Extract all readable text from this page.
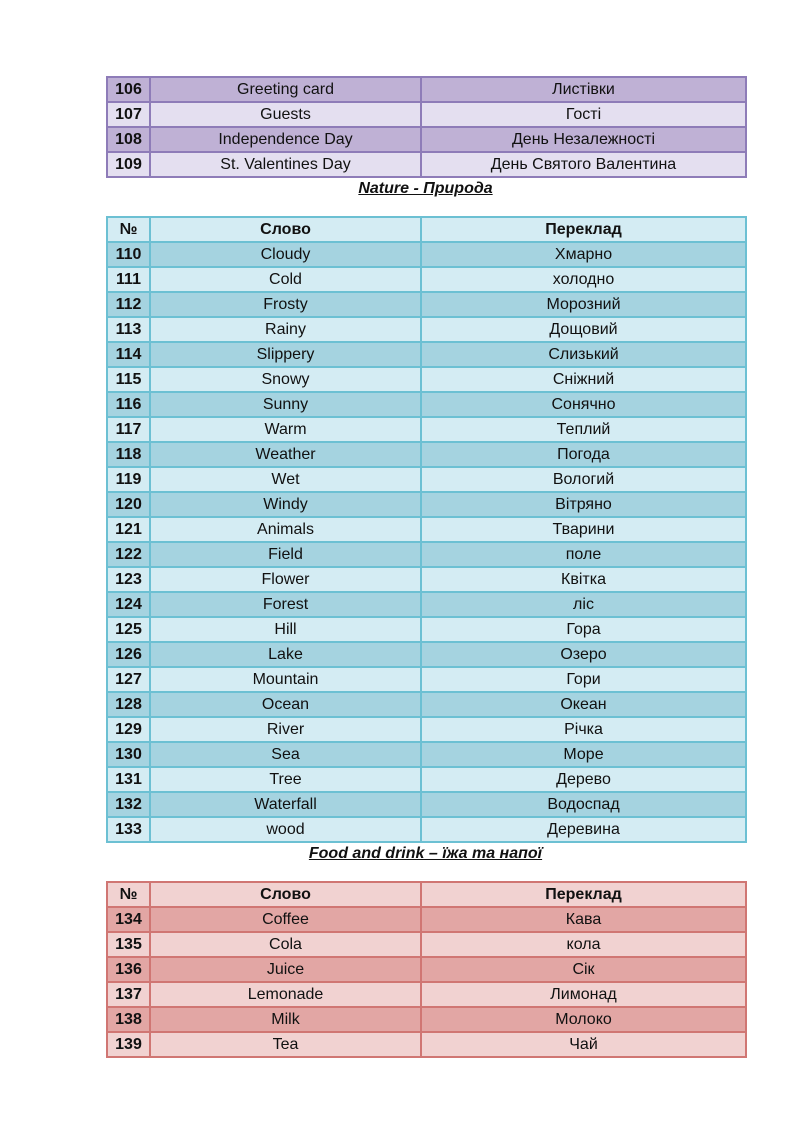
106	Greeting card	Листівки
107	Guests	Гості
108	Independence Day	День Незалежності
109	St. Valentines Day	День Святого Валентина
Nature - Природа
№	Слово	Переклад
110	Cloudy	Хмарно
111	Cold	холодно
112	Frosty	Морозний
113	Rainy	Дощовий
114	Slippery	Слизький
115	Snowy	Сніжний
116	Sunny	Сонячно
117	Warm	Теплий
118	Weather	Погода
119	Wet	Вологий
120	Windy	Вітряно
121	Animals	Тварини
122	Field	поле
123	Flower	Квітка
124	Forest	ліс
125	Hill	Гора
126	Lake	Озеро
127	Mountain	Гори
128	Ocean	Океан
129	River	Річка
130	Sea	Море
131	Tree	Дерево
132	Waterfall	Водоспад
133	wood	Деревина
Food and drink – їжа та напої
№	Слово	Переклад
134	Coffee	Кава
135	Cola	кола
136	Juice	Сік
137	Lemonade	Лимонад
138	Milk	Молоко
139	Tea	Чай
